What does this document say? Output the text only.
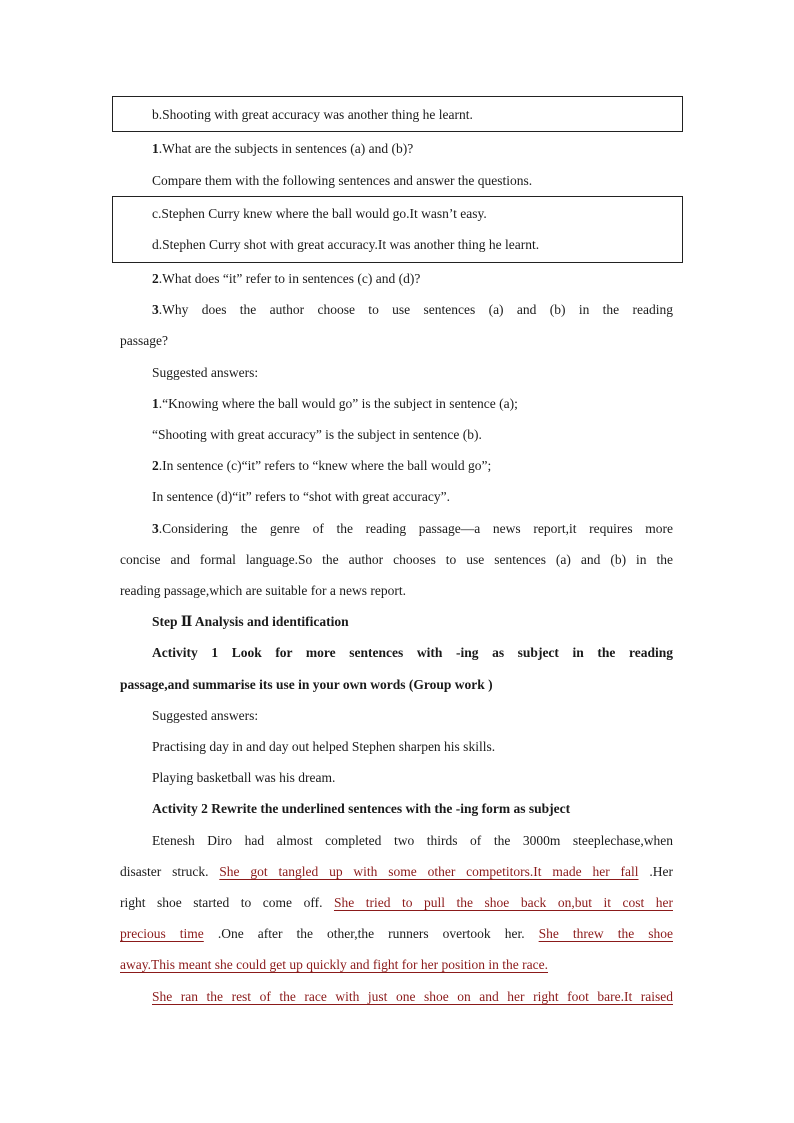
b.Shooting with great accuracy was another thing he learnt.
1.What are the subjects in sentences (a) and (b)?
Compare them with the following sentences and answer the questions.
c.Stephen Curry knew where the ball would go.It wasn’t easy.
d.Stephen Curry shot with great accuracy.It was another thing he learnt.
2.What does “it” refer to in sentences (c) and (d)?
3.Why does the author choose to use sentences (a) and (b) in the reading
passage?
Suggested answers:
1.“Knowing where the ball would go” is the subject in sentence (a);
“Shooting with great accuracy” is the subject in sentence (b).
2.In sentence (c)“it” refers to “knew where the ball would go”;
In sentence (d)“it” refers to “shot with great accuracy”.
3.Considering the genre of the reading passage—a news report,it requires more
concise and formal language.So the author chooses to use sentences (a) and (b) in the
reading passage,which are suitable for a news report.
Step Ⅱ Analysis and identification
Activity 1 Look for more sentences with -ing as subject in the reading
passage,and summarise its use in your own words (Group work )
Suggested answers:
Practising day in and day out helped Stephen sharpen his skills.
Playing basketball was his dream.
Activity 2 Rewrite the underlined sentences with the -ing form as subject
Etenesh Diro had almost completed two thirds of the 3000m steeplechase,when
disaster struck. She got tangled up with some other competitors.It made her fall .Her
right shoe started to come off. She tried to pull the shoe back on,but it cost her
precious time .One after the other,the runners overtook her. She threw the shoe
away.This meant she could get up quickly and fight for her position in the race.
She ran the rest of the race with just one shoe on and her right foot bare.It raised
